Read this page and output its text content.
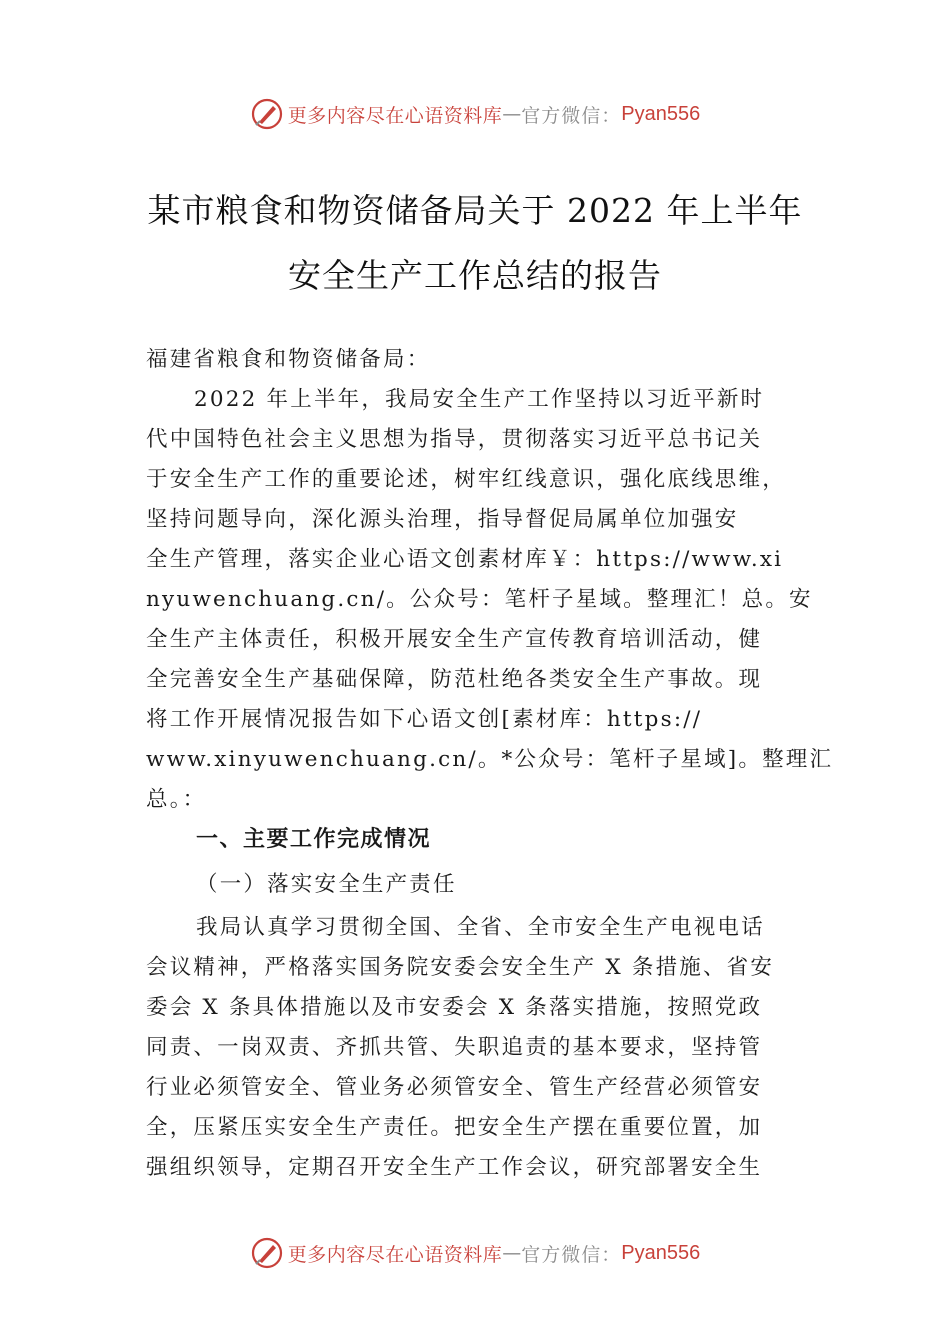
更多内容尽在心语资料库 — 官方微信： Pyan556
某市粮食和物资储备局关于 2022 年上半年
安全生产工作总结的报告
福建省粮食和物资储备局：
2022 年上半年，我局安全生产工作坚持以习近平新时
代中国特色社会主义思想为指导，贯彻落实习近平总书记关
于安全生产工作的重要论述，树牢红线意识，强化底线思维，
坚持问题导向，深化源头治理，指导督促局属单位加强安
全生产管理，落实企业心语文创素材库￥：https://www.xi
nyuwenchuang.cn/。公众号：笔杆子星域。整理汇！总。安
全生产主体责任，积极开展安全生产宣传教育培训活动，健
全完善安全生产基础保障，防范杜绝各类安全生产事故。现
将工作开展情况报告如下心语文创[素材库：https://
www.xinyuwenchuang.cn/。*公众号：笔杆子星域]。整理汇
总。：
一、主要工作完成情况
（一）落实安全生产责任
我局认真学习贯彻全国、全省、全市安全生产电视电话
会议精神，严格落实国务院安委会安全生产 X 条措施、省安
委会 X 条具体措施以及市安委会 X 条落实措施，按照党政
同责、一岗双责、齐抓共管、失职追责的基本要求，坚持管
行业必须管安全、管业务必须管安全、管生产经营必须管安
全，压紧压实安全生产责任。把安全生产摆在重要位置，加
强组织领导，定期召开安全生产工作会议，研究部署安全生
更多内容尽在心语资料库 — 官方微信： Pyan556
